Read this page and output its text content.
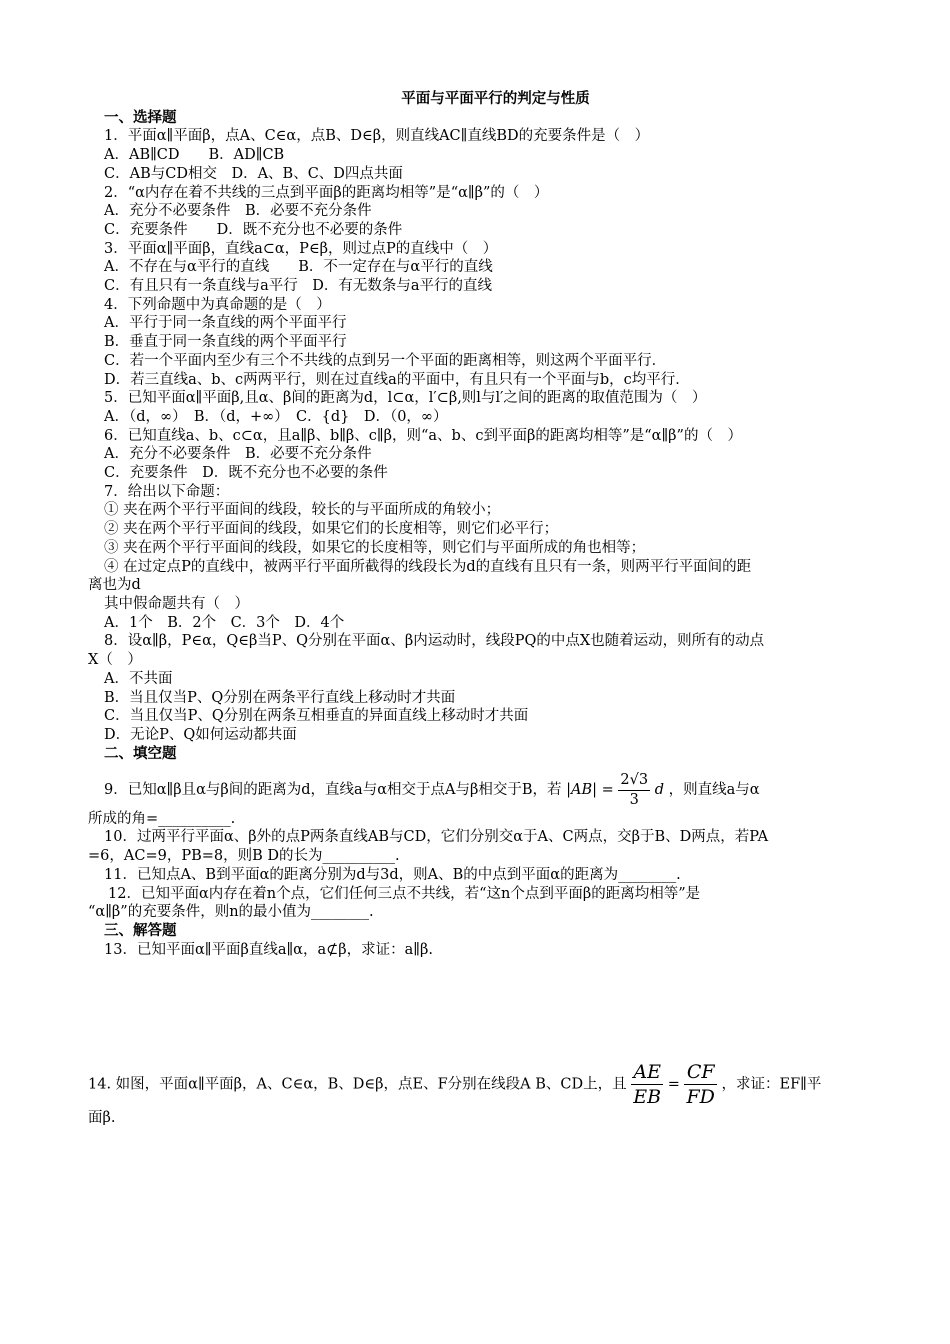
平面与平面平行的判定与性质
一、选择题
1．平面α∥平面β，点A、C∈α，点B、D∈β，则直线AC∥直线BD的充要条件是（　）
A．AB∥CD　　B．AD∥CB
C．AB与CD相交　D．A、B、C、D四点共面
2．“α内存在着不共线的三点到平面β的距离均相等”是“α∥β”的（　）
A．充分不必要条件　B．必要不充分条件
C．充要条件　　D．既不充分也不必要的条件
3．平面α∥平面β，直线a⊂α，P∈β，则过点P的直线中（　）
A．不存在与α平行的直线　　B．不一定存在与α平行的直线
C．有且只有一条直线与a平行　D．有无数条与a平行的直线
4．下列命题中为真命题的是（　）
A．平行于同一条直线的两个平面平行
B．垂直于同一条直线的两个平面平行
C．若一个平面内至少有三个不共线的点到另一个平面的距离相等，则这两个平面平行．
D．若三直线a、b、c两两平行，则在过直线a的平面中，有且只有一个平面与b，c均平行．
5．已知平面α∥平面β,且α、β间的距离为d，l⊂α，l′⊂β,则l与l′之间的距离的取值范围为（　）
A．（d，∞）　B．（d，+∞）　C．{d}　D．（0，∞）
6．已知直线a、b、c⊂α，且a∥β、b∥β、c∥β，则“a、b、c到平面β的距离均相等”是“α∥β”的（　）
A．充分不必要条件　B．必要不充分条件
C．充要条件　D．既不充分也不必要的条件
7．给出以下命题：
① 夹在两个平行平面间的线段，较长的与平面所成的角较小；
② 夹在两个平行平面间的线段，如果它们的长度相等，则它们必平行；
③ 夹在两个平行平面间的线段，如果它的长度相等，则它们与平面所成的角也相等；
④ 在过定点P的直线中，被两平行平面所截得的线段长为d的直线有且只有一条，则两平行平面间的距
离也为d
其中假命题共有（　）
A．1个　B．2个　C．3个　D．4个
8．设α∥β，P∈α，Q∈β当P、Q分别在平面α、β内运动时，线段PQ的中点X也随着运动，则所有的动点
X（　）
A．不共面
B．当且仅当P、Q分别在两条平行直线上移动时才共面
C．当且仅当P、Q分别在两条互相垂直的异面直线上移动时才共面
D．无论P、Q如何运动都共面
二、填空题
9．已知α∥β且α与β间的距离为d，直线a与α相交于点A与β相交于B，若 $|AB| = \frac{2√3}{3}$ d ，则直线a与α
所成的角=__________.
10．过两平行平面α、β外的点P两条直线AB与CD，它们分别交α于A、C两点，交β于B、D两点，若PA
=6，AC=9，PB=8，则B D的长为__________.
11．已知点A、B到平面α的距离分别为d与3d，则A、B的中点到平面α的距离为________.
12．已知平面α内存在着n个点，它们任何三点不共线，若“这n个点到平面β的距离均相等”是
“α∥β”的充要条件，则n的最小值为________.
三、解答题
13．已知平面α∥平面β直线a∥α，a⊄β，求证：a∥β.
14. 如图，平面α∥平面β，A、C∈α，B、D∈β，点E、F分别在线段A B、CD上，且 $\frac{AE}{EB} = \frac{CF}{FD}$ ，求证：EF∥平
面β.
